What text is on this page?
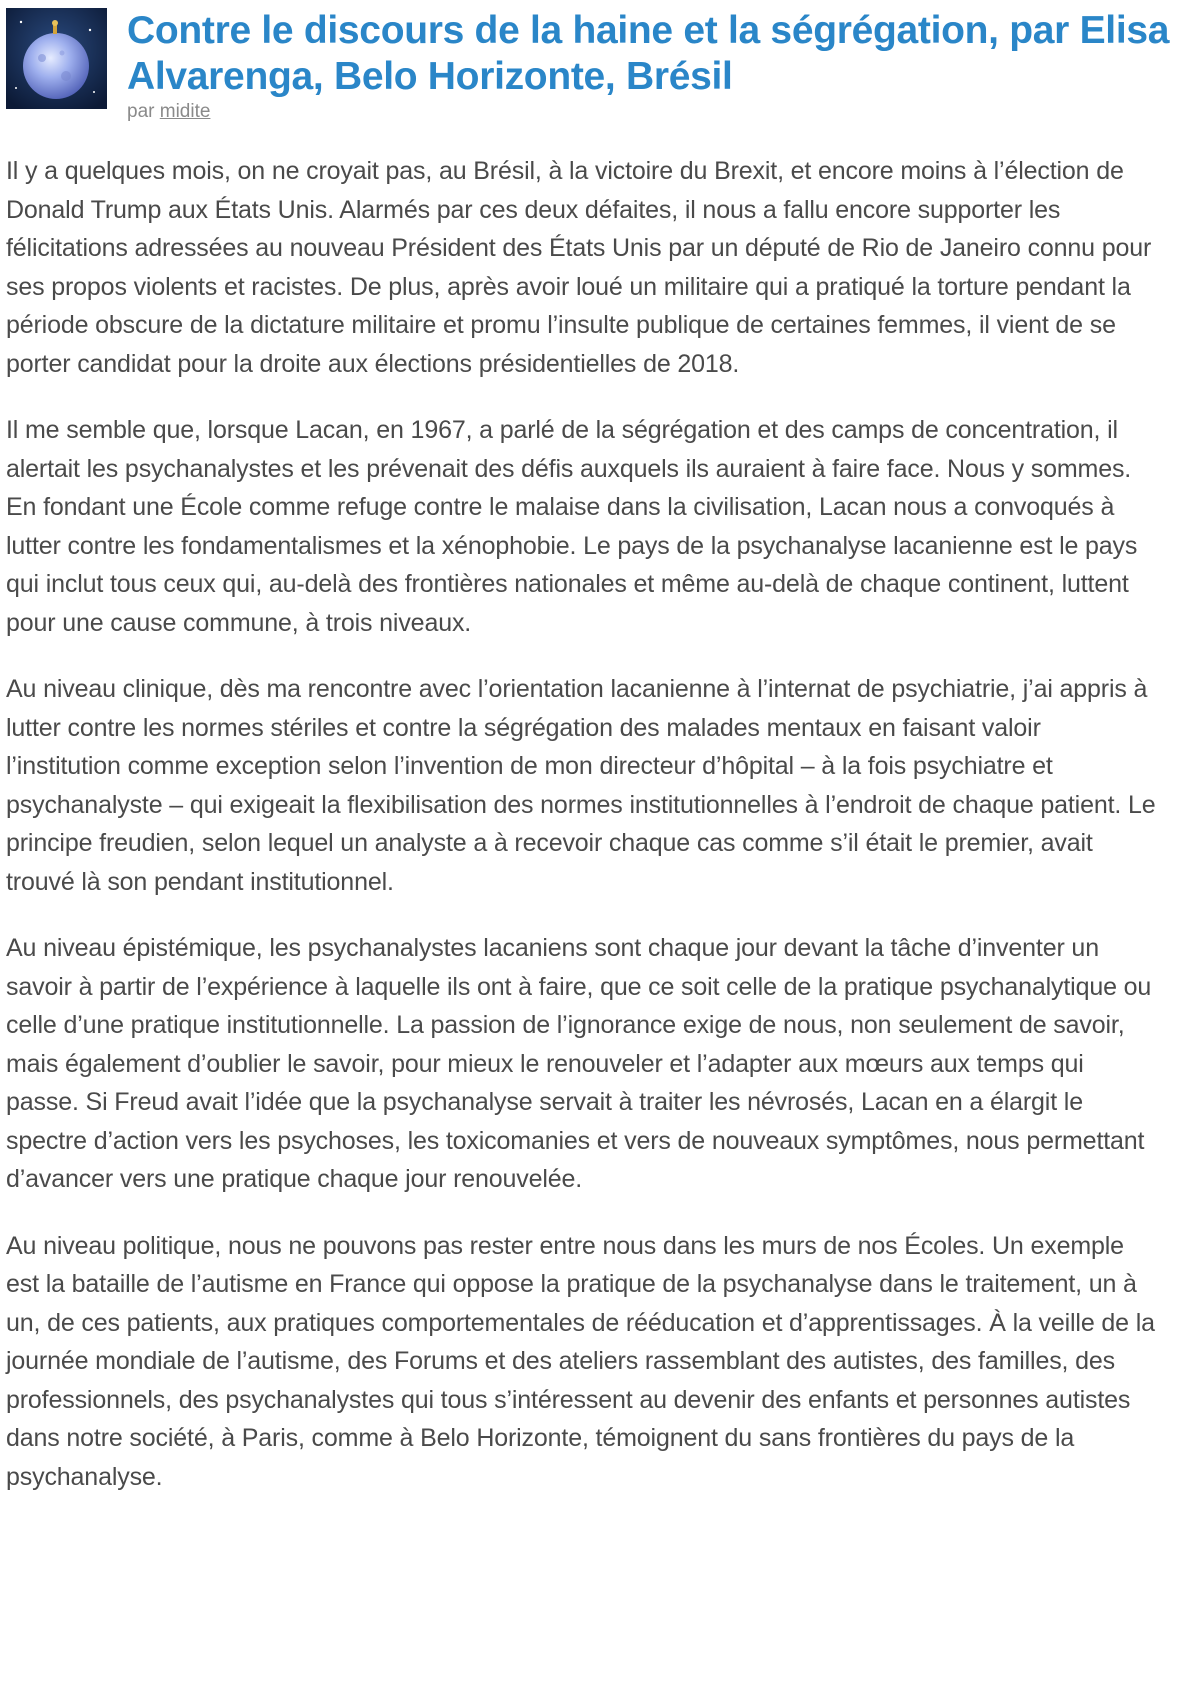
Contre le discours de la haine et la ségrégation, par Elisa Alvarenga, Belo Horizonte, Brésil
par midite

Il y a quelques mois, on ne croyait pas, au Brésil, à la victoire du Brexit, et encore moins à l’élection de Donald Trump aux États Unis. Alarmés par ces deux défaites, il nous a fallu encore supporter les félicitations adressées au nouveau Président des États Unis par un député de Rio de Janeiro connu pour ses propos violents et racistes. De plus, après avoir loué un militaire qui a pratiqué la torture pendant la période obscure de la dictature militaire et promu l’insulte publique de certaines femmes, il vient de se porter candidat pour la droite aux élections présidentielles de 2018.

Il me semble que, lorsque Lacan, en 1967, a parlé de la ségrégation et des camps de concentration, il alertait les psychanalystes et les prévenait des défis auxquels ils auraient à faire face. Nous y sommes. En fondant une École comme refuge contre le malaise dans la civilisation, Lacan nous a convoqués à lutter contre les fondamentalismes et la xénophobie. Le pays de la psychanalyse lacanienne est le pays qui inclut tous ceux qui, au-delà des frontières nationales et même au-delà de chaque continent, luttent pour une cause commune, à trois niveaux.

Au niveau clinique, dès ma rencontre avec l’orientation lacanienne à l’internat de psychiatrie, j’ai appris à lutter contre les normes stériles et contre la ségrégation des malades mentaux en faisant valoir l’institution comme exception selon l’invention de mon directeur d’hôpital – à la fois psychiatre et psychanalyste – qui exigeait la flexibilisation des normes institutionnelles à l’endroit de chaque patient. Le principe freudien, selon lequel un analyste a à recevoir chaque cas comme s’il était le premier, avait trouvé là son pendant institutionnel.

Au niveau épistémique, les psychanalystes lacaniens sont chaque jour devant la tâche d’inventer un savoir à partir de l’expérience à laquelle ils ont à faire, que ce soit celle de la pratique psychanalytique ou celle d’une pratique institutionnelle. La passion de l’ignorance exige de nous, non seulement de savoir, mais également d’oublier le savoir, pour mieux le renouveler et l’adapter aux mœurs aux temps qui passe. Si Freud avait l’idée que la psychanalyse servait à traiter les névrosés, Lacan en a élargit le spectre d’action vers les psychoses, les toxicomanies et vers de nouveaux symptômes, nous permettant d’avancer vers une pratique chaque jour renouvelée.

Au niveau politique, nous ne pouvons pas rester entre nous dans les murs de nos Écoles. Un exemple est la bataille de l’autisme en France qui oppose la pratique de la psychanalyse dans le traitement, un à un, de ces patients, aux pratiques comportementales de rééducation et d’apprentissages. À la veille de la journée mondiale de l’autisme, des Forums et des ateliers rassemblant des autistes, des familles, des professionnels, des psychanalystes qui tous s’intéressent au devenir des enfants et personnes autistes dans notre société, à Paris, comme à Belo Horizonte, témoignent du sans frontières du pays de la psychanalyse.
